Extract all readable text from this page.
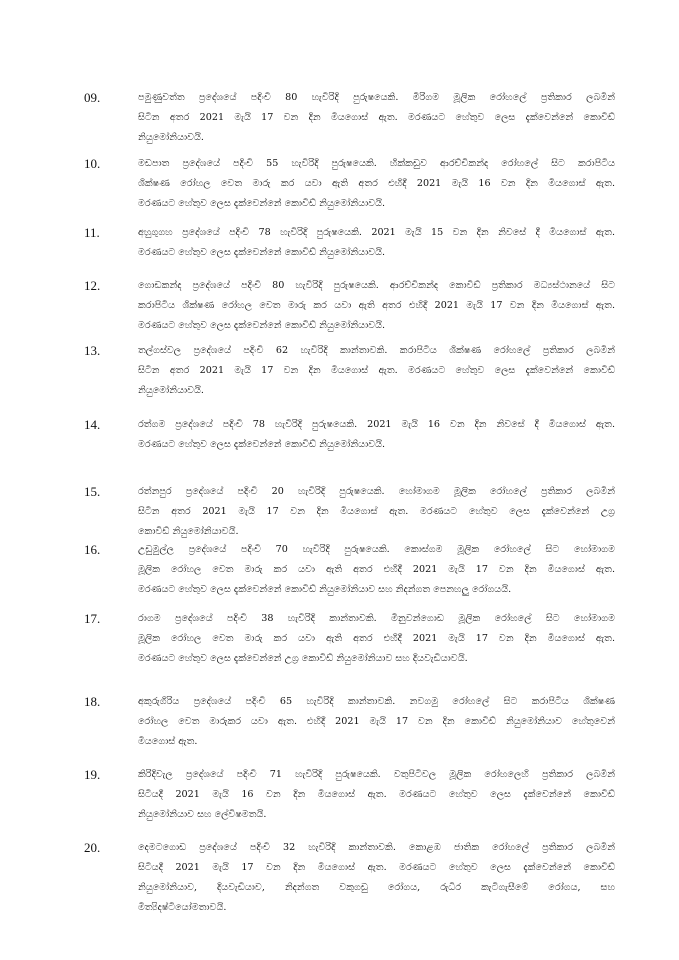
09.	පමුණුවත්ත ප්‍රදේශයේ පදිංචි 80 හැවිරිදි පුරුෂයෙකි. මීරිගම මූලික රෝහලේ ප්‍රතිකාර ලබමින්
සිටින අතර 2021 මැයි 17 වන දින මියගොස් ඇත. මරණයට හේතුව ලෙස දැක්වෙන්නේ කොවිඩ්
නියුමෝනියාවයි.
10.	මඩපාත ප්‍රදේශයේ පදිංචි 55 හැවිරිදි පුරුෂයෙකි. හික්කඩුව ආරච්චිකන්ද රෝහලේ සිට කරාපිටිය
ශික්ෂණ රෝහල වෙත මාරු කර යවා ඇති අතර එහිදී 2021 මැයි 16 වන දින මියගොස් ඇත.
මරණයට හේතුව ලෙස දැක්වෙන්නේ කොවිඩ් නියුමෝනියාවයි.
11.	අහුගුගහ ප්‍රදේශයේ පදිංචි 78 හැවිරිදි පුරුෂයෙකි. 2021 මැයි 15 වන දින නිවසේ දී මියගොස් ඇත.
මරණයට හේතුව ලෙස දැක්වෙන්නේ කොවිඩ් නියුමෝනියාවයි.
12.	ගොඩකන්ද ප්‍රදේශයේ පදිංචි 80 හැවිරිදි පුරුෂයෙකි. ආරච්චිකන්ද කොවිඩ් ප්‍රතිකාර මධ්‍යස්ථානයේ සිට
කරාපිටිය ශික්ෂණ රෝහල වෙත මාරු කර යවා ඇති අතර එහිදී 2021 මැයි 17 වන දින මියගොස් ඇත.
මරණයට හේතුව ලෙස දැක්වෙන්නේ කොවිඩ් නියුමෝනියාවයි.
13.	තල්ගස්වල ප්‍රදේශයේ පදිංචි 62 හැවිරිදි කාන්තාවකි. කරාපිටිය ශික්ෂණ රෝහලේ ප්‍රතිකාර ලබමින්
සිටින අතර 2021 මැයි 17 වන දින මියගොස් ඇත. මරණයට හේතුව ලෙස දැක්වෙන්නේ කොවිඩ්
නියුමෝනියාවයි.
14.	රත්ගම ප්‍රදේශයේ පදිංචි 78 හැවිරිදි පුරුෂයෙකි. 2021 මැයි 16 වන දින නිවසේ දී මියගොස් ඇත.
මරණයට හේතුව ලෙස දැක්වෙන්නේ කොවිඩ් නියුමෝනියාවයි.
15.	රත්නපුර ප්‍රදේශයේ පදිංචි 20 හැවිරිදි පුරුෂයෙකි. හෝමාගම මූලික රෝහලේ ප්‍රතිකාර ලබමින්
සිටින අතර 2021 මැයි 17 වන දින මියගොස් ඇත. මරණයට හේතුව ලෙස දැක්වෙන්නේ උග්‍ර
කොවිඩ් නියුමෝනියාවයි.
16.	උඩුමුල්ල ප්‍රදේශයේ පදිංචි 70 හැවිරිදි පුරුෂයෙකි. කොස්ගම මූලික රෝහලේ සිට හෝමාගම
මූලික රෝහල වෙත මාරු කර යවා ඇති අතර එහිදී 2021 මැයි 17 වන දින මියගොස් ඇත.
මරණයට හේතුව ලෙස දැක්වෙන්නේ කොවිඩ් නියුමෝනියාව සහ නිදන්ගත පෙනහලු රෝගයයි.
17.	රාගම ප්‍රදේශයේ පදිංචි 38 හැවිරිදි කාන්තාවකි. මීනුවන්ගොඩ මූලික රෝහලේ සිට හෝමාගම
මූලික රෝහල වෙත මාරු කර යවා ඇති අතර එහිදී 2021 මැයි 17 වන දින මියගොස් ඇත.
මරණයට හේතුව ලෙස දැක්වෙන්නේ උග්‍ර කොවිඩ් නියුමෝනියාව සහ දියවැඩියාවයි.
18.	අකුරුගිරිය ප්‍රදේශයේ පදිංචි 65 හැවිරිදි කාන්තාවකි. නවගමු රෝහලේ සිට කරාපිටිය ශික්ෂණ
රෝහල වෙත මාරුකර යවා ඇත. එහිදී 2021 මැයි 17 වන දින කොවිඩ් නියුමෝනියාව හේතුවෙන්
මියගොස් ඇත.
19.	කිරිදිවැල ප්‍රදේශයේ පදිංචි 71 හැවිරිදි පුරුෂයෙකි. වතුපිටිවල මූලික රෝහලෙහි ප්‍රතිකාර ලබමින්
සිටියදී 2021 මැයි 16 වන දින මියගොස් ඇත. මරණයට හේතුව ලෙස දැක්වෙන්නේ කොවිඩ්
නියුමෝනියාව සහ ලේවිෂමතයි.
20.	දෙමටගොඩ ප්‍රදේශයේ පදිංචි 32 හැවිරිදි කාන්තාවකි. කොළඹ ජාතික රෝහලේ ප්‍රතිකාර ලබමින්
සිටියදී 2021 මැයි 17 වන දින මියගොස් ඇත. මරණයට හේතුව ලෙස දැක්වෙන්නේ කොවිඩ්
නියුමෝනියාව, දියවැඩියාව, නිදන්ගත වකුගඩු රෝගය, රුධිර කැටිගැසීමේ රෝගය, සහ
මිත්‍යිදෂ්ටියෝමතාවයි.
